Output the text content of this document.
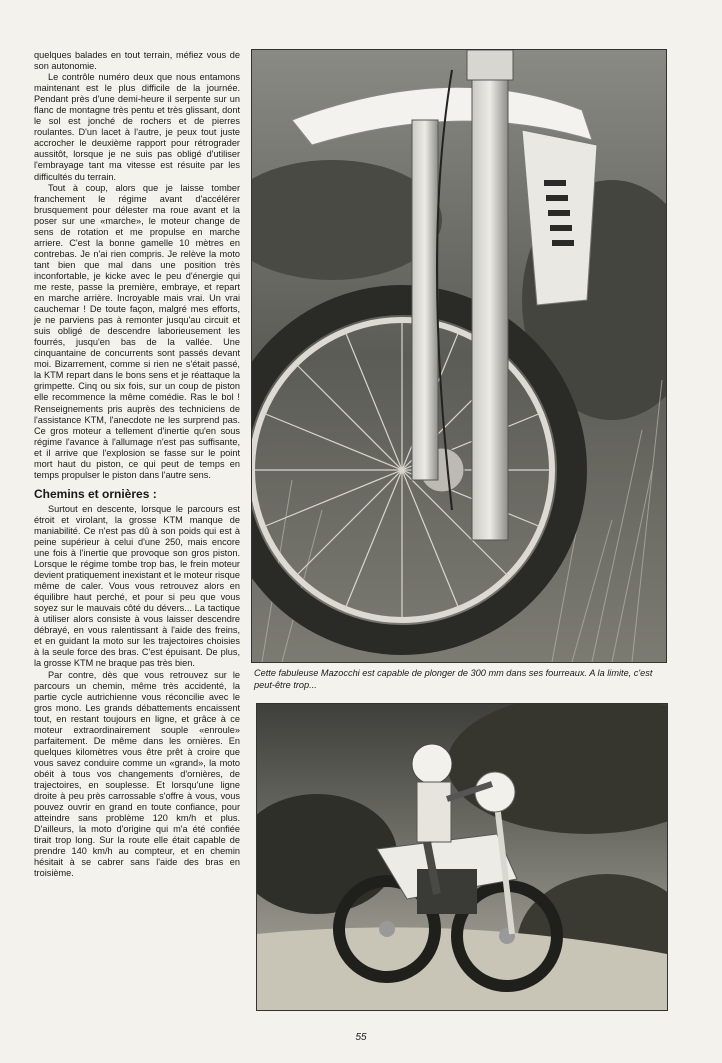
quelques balades en tout terrain, méfiez vous de son autonomie.

Le contrôle numéro deux que nous entamons maintenant est le plus difficile de la journée. Pendant près d'une demi-heure il serpente sur un flanc de montagne très pentu et très glissant, dont le sol est jonché de rochers et de pierres roulantes. D'un lacet à l'autre, je peux tout juste accrocher le deuxième rapport pour rétrograder aussitôt, lorsque je ne suis pas obligé d'utiliser l'embrayage tant ma vitesse est résuite par les difficultés du terrain.

Tout à coup, alors que je laisse tomber franchement le régime avant d'accélérer brusquement pour délester ma roue avant et la poser sur une «marche», le moteur change de sens de rotation et me propulse en marche arriere. C'est la bonne gamelle 10 mètres en contrebas. Je n'ai rien compris. Je relève la moto tant bien que mal dans une position très inconfortable, je kicke avec le peu d'énergie qui me reste, passe la première, embraye, et repart en marche arrière. Incroyable mais vrai. Un vrai cauchemar ! De toute façon, malgré mes efforts, je ne parviens pas à remonter jusqu'au circuit et suis obligé de descendre laborieusement les fourrés, jusqu'en bas de la vallée. Une cinquantaine de concurrents sont passés devant moi. Bizarrement, comme si rien ne s'était passé, la KTM repart dans le bons sens et je réattaque la grimpette. Cinq ou six fois, sur un coup de piston elle recommence la même comédie. Ras le bol ! Renseignements pris auprès des techniciens de l'assistance KTM, l'anecdote ne les surprend pas. Ce gros moteur a tellement d'inertie qu'en sous régime l'avance à l'allumage n'est pas suffisante, et il arrive que l'explosion se fasse sur le point mort haut du piston, ce qui peut de temps en temps propulser le piston dans l'autre sens.

Chemins et ornières :

Surtout en descente, lorsque le parcours est étroit et virolant, la grosse KTM manque de maniabilité. Ce n'est pas dû à son poids qui est à peine supérieur à celui d'une 250, mais encore une fois à l'inertie que provoque son gros piston. Lorsque le régime tombe trop bas, le frein moteur devient pratiquement inexistant et le moteur risque même de caler. Vous vous retrouvez alors en équilibre haut perché, et pour si peu que vous soyez sur le mauvais côté du dévers... La tactique à utiliser alors consiste à vous laisser descendre débrayé, en vous ralentissant à l'aide des freins, et en guidant la moto sur les trajectoires choisies à la seule force des bras. C'est épuisant. De plus, la grosse KTM ne braque pas très bien.

Par contre, dès que vous retrouvez sur le parcours un chemin, même très accidenté, la partie cycle autrichienne vous réconcilie avec le gros mono. Les grands débattements encaissent tout, en restant toujours en ligne, et grâce à ce moteur extraordinairement souple «enroule» parfaitement. De même dans les ornières. En quelques kilomètres vous être prêt à croire que vous savez conduire comme un «grand», la moto obéit à tous vos changements d'ornières, de trajectoires, en souplesse. Et lorsqu'une ligne droite à peu près carrossable s'offre à vous, vous pouvez ouvrir en grand en toute confiance, pour atteindre sans problème 120 km/h et plus. D'ailleurs, la moto d'origine qui m'a été confiée tirait trop long. Sur la route elle était capable de prendre 140 km/h au compteur, et en chemin hésitait à se cabrer sans l'aide des bras en troisième.

Cette fabuleuse Mazocchi est capable de plonger de 300 mm dans ses fourreaux. A la limite, c'est peut-être trop...
55
